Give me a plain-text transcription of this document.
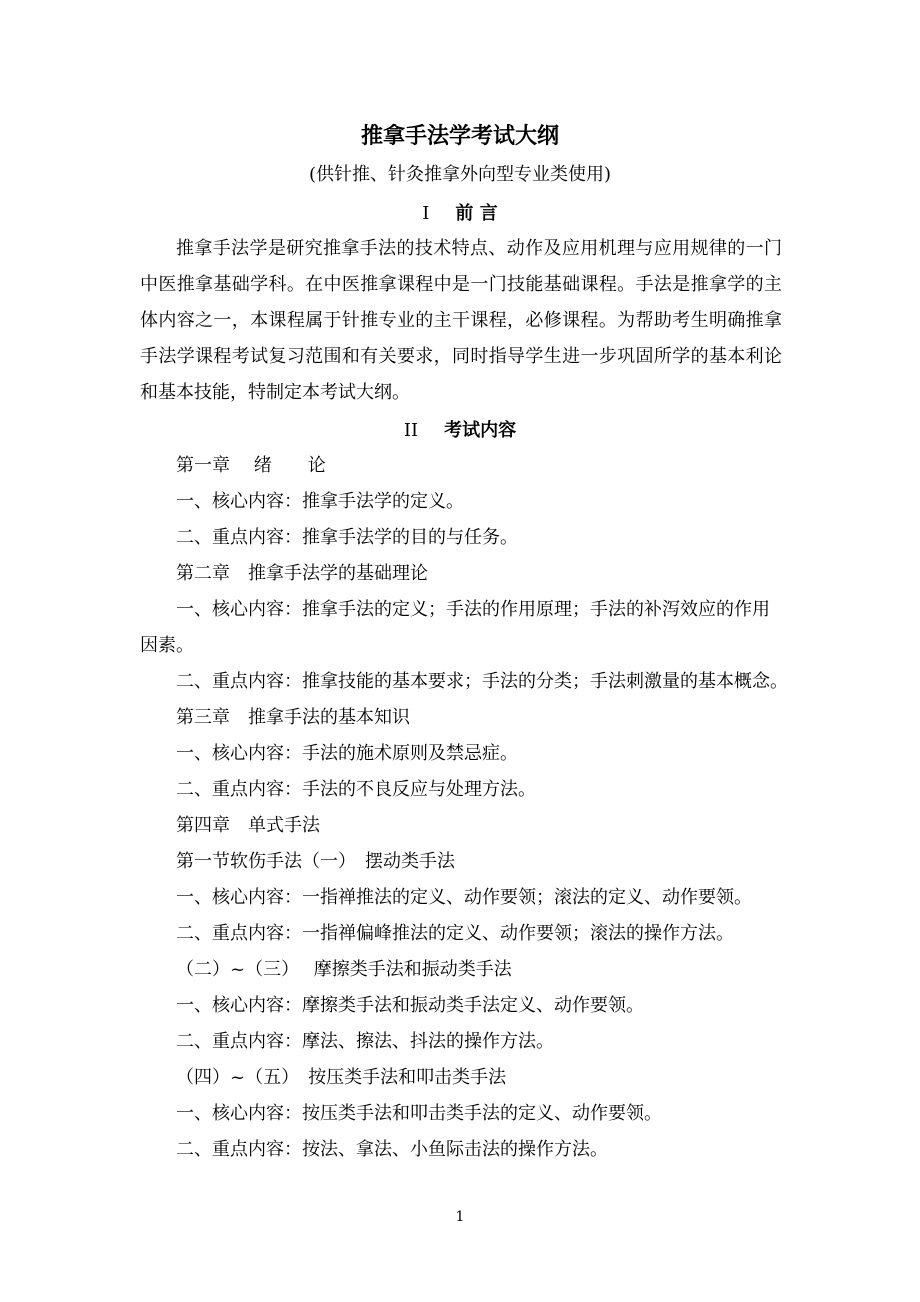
推拿手法学考试大纲
(供针推、针灸推拿外向型专业类使用)
I 前 言

推拿手法学是研究推拿手法的技术特点、动作及应用机理与应用规律的一门中医推拿基础学科。在中医推拿课程中是一门技能基础课程。手法是推拿学的主体内容之一，本课程属于针推专业的主干课程，必修课程。为帮助考生明确推拿手法学课程考试复习范围和有关要求，同时指导学生进一步巩固所学的基本利论和基本技能，特制定本考试大纲。

II 考试内容

第一章　 绪　　论

一、核心内容：推拿手法学的定义。

二、重点内容：推拿手法学的目的与任务。

第二章　推拿手法学的基础理论

一、核心内容：推拿手法的定义；手法的作用原理；手法的补泻效应的作用因素。

二、重点内容：推拿技能的基本要求；手法的分类；手法刺激量的基本概念。

第三章　推拿手法的基本知识

一、核心内容：手法的施术原则及禁忌症。

二、重点内容：手法的不良反应与处理方法。

第四章　单式手法

第一节软伤手法（一）　摆动类手法

一、核心内容：一指禅推法的定义、动作要领；滚法的定义、动作要领。

二、重点内容：一指禅偏峰推法的定义、动作要领；滚法的操作方法。

（二）~（三）　 摩擦类手法和振动类手法

一、核心内容：摩擦类手法和振动类手法定义、动作要领。

二、重点内容：摩法、擦法、抖法的操作方法。

（四）~（五）　按压类手法和叩击类手法

一、核心内容：按压类手法和叩击类手法的定义、动作要领。

二、重点内容：按法、拿法、小鱼际击法的操作方法。

1
